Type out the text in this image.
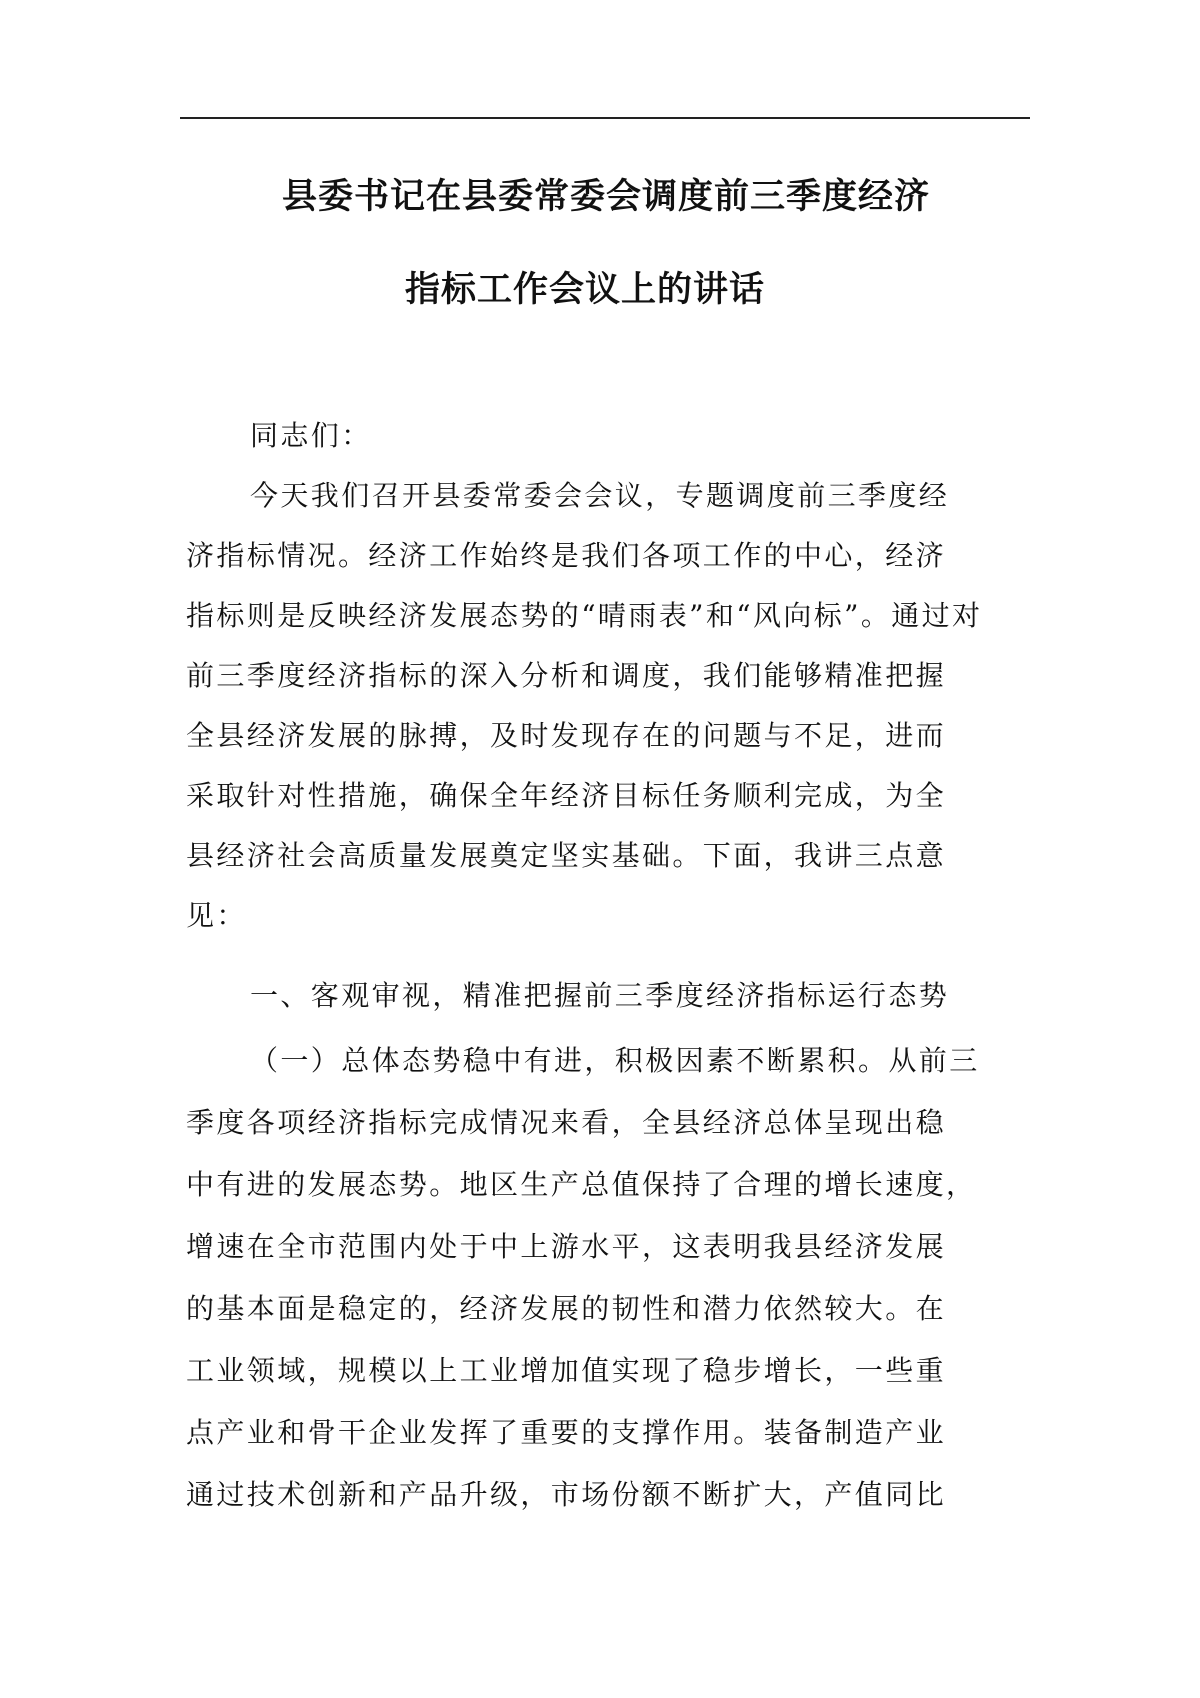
县委书记在县委常委会调度前三季度经济
指标工作会议上的讲话
同志们：
今天我们召开县委常委会会议，专题调度前三季度经
济指标情况。经济工作始终是我们各项工作的中心，经济
指标则是反映经济发展态势的“晴雨表”和“风向标”。通过对
前三季度经济指标的深入分析和调度，我们能够精准把握
全县经济发展的脉搏，及时发现存在的问题与不足，进而
采取针对性措施，确保全年经济目标任务顺利完成，为全
县经济社会高质量发展奠定坚实基础。下面，我讲三点意
见：
一、客观审视，精准把握前三季度经济指标运行态势
（一）总体态势稳中有进，积极因素不断累积。从前三
季度各项经济指标完成情况来看，全县经济总体呈现出稳
中有进的发展态势。地区生产总值保持了合理的增长速度，
增速在全市范围内处于中上游水平，这表明我县经济发展
的基本面是稳定的，经济发展的韧性和潜力依然较大。在
工业领域，规模以上工业增加值实现了稳步增长，一些重
点产业和骨干企业发挥了重要的支撑作用。装备制造产业
通过技术创新和产品升级，市场份额不断扩大，产值同比
